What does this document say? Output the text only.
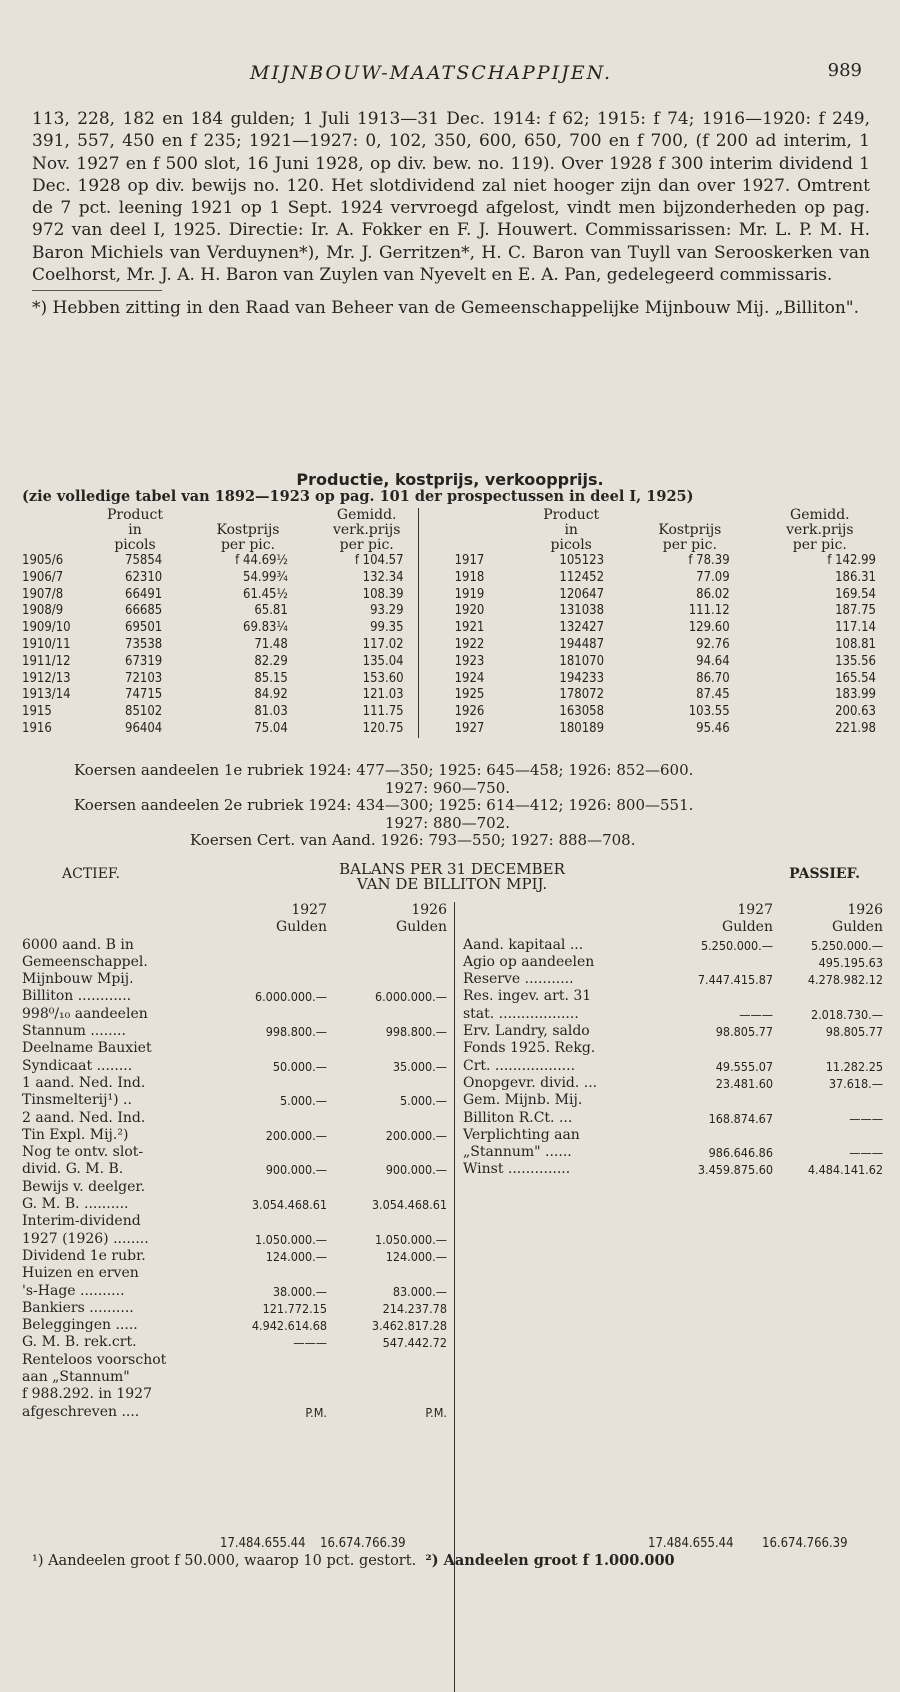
MIJNBOUW-MAATSCHAPPIJEN.	989

113, 228, 182 en 184 gulden; 1 Juli 1913—31 Dec. 1914: f 62; 1915: f 74; 1916—1920: f 249, 391, 557, 450 en f 235; 1921—1927: 0, 102, 350, 600, 650, 700 en f 700, (f 200 ad interim, 1 Nov. 1927 en f 500 slot, 16 Juni 1928, op div. bew. no. 119). Over 1928 f 300 interim dividend 1 Dec. 1928 op div. bewijs no. 120. Het slotdividend zal niet hooger zijn dan over 1927. Omtrent de 7 pct. leening 1921 op 1 Sept. 1924 vervroegd afgelost, vindt men bijzonderheden op pag. 972 van deel I, 1925. Directie: Ir. A. Fokker en F. J. Houwert. Commissarissen: Mr. L. P. M. H. Baron Michiels van Verduynen*), Mr. J. Gerritzen*, H. C. Baron van Tuyll van Serooskerken van Coelhorst, Mr. J. A. H. Baron van Zuylen van Nyevelt en E. A. Pan, gedelegeerd commissaris.

*) Hebben zitting in den Raad van Beheer van de Gemeenschappelijke Mijnbouw Mij. „Billiton".

Productie, kostprijs, verkoopprijs.
(zie volledige tabel van 1892—1923 op pag. 101 der prospectussen in deel I, 1925)
	Product		Gemidd.		Product		Gemidd.
	in	Kostprijs	verk.prijs		in	Kostprijs	verk.prijs
	picols	per pic.	per pic.		picols	per pic.	per pic.
1905/6	75854	f 44.69½	f 104.57	1917	105123	f 78.39	f 142.99
1906/7	62310	54.99¾	132.34	1918	112452	77.09	186.31
1907/8	66491	61.45½	108.39	1919	120647	86.02	169.54
1908/9	66685	65.81	93.29	1920	131038	111.12	187.75
1909/10	69501	69.83¼	99.35	1921	132427	129.60	117.14
1910/11	73538	71.48	117.02	1922	194487	92.76	108.81
1911/12	67319	82.29	135.04	1923	181070	94.64	135.56
1912/13	72103	85.15	153.60	1924	194233	86.70	165.54
1913/14	74715	84.92	121.03	1925	178072	87.45	183.99
1915	85102	81.03	111.75	1926	163058	103.55	200.63
1916	96404	75.04	120.75	1927	180189	95.46	221.98
Koersen aandeelen 1e rubriek 1924: 477—350; 1925: 645—458; 1926: 852—600.
1927: 960—750.
Koersen aandeelen 2e rubriek 1924: 434—300; 1925: 614—412; 1926: 800—551.
1927: 880—702.
Koersen Cert. van Aand. 1926: 793—550; 1927: 888—708.
ACTIEF.	BALANS PER 31 DECEMBER
VAN DE BILLITON MPIJ.
PASSIEF.
	1927	1926
	Gulden	Gulden
6000 aand. B in		
Gemeenschappel.		
Mijnbouw Mpij.		
Billiton ............	6.000.000.—	6.000.000.—
998⁰/₁₀ aandeelen		
Stannum ........	998.800.—	998.800.—
Deelname Bauxiet		
Syndicaat ........	50.000.—	35.000.—
1 aand. Ned. Ind.		
Tinsmelterij¹) ..	5.000.—	5.000.—
2 aand. Ned. Ind.		
Tin Expl. Mij.²)	200.000.—	200.000.—
Nog te ontv. slot-		
divid. G. M. B.	900.000.—	900.000.—
Bewijs v. deelger.		
G. M. B. ..........	3.054.468.61	3.054.468.61
Interim-dividend		
1927 (1926) ........	1.050.000.—	1.050.000.—
Dividend 1e rubr.	124.000.—	124.000.—
Huizen en erven		
's-Hage ..........	38.000.—	83.000.—
Bankiers ..........	121.772.15	214.237.78
Beleggingen .....	4.942.614.68	3.462.817.28
G. M. B. rek.crt.	———	547.442.72
Renteloos voorschot		
aan „Stannum"		
f 988.292. in 1927		
afgeschreven ....	P.M.	P.M.
	1927	1926
	Gulden	Gulden
Aand. kapitaal ...	5.250.000.—	5.250.000.—
Agio op aandeelen		495.195.63
Reserve ...........	7.447.415.87	4.278.982.12
Res. ingev. art. 31		
stat. ..................	———	2.018.730.—
Erv. Landry, saldo	98.805.77	98.805.77
Fonds 1925. Rekg.		
Crt. ..................	49.555.07	11.282.25
Onopgevr. divid. ...	23.481.60	37.618.—
Gem. Mijnb. Mij.		
Billiton R.Ct. ...	168.874.67	———
Verplichting aan		
„Stannum" ......	986.646.86	———
Winst ..............	3.459.875.60	4.484.141.62
17.484.655.44 16.674.766.39	17.484.655.44 16.674.766.39
¹) Aandeelen groot f 50.000, waarop 10 pct. gestort. ²) Aandeelen groot f 1.000.000
